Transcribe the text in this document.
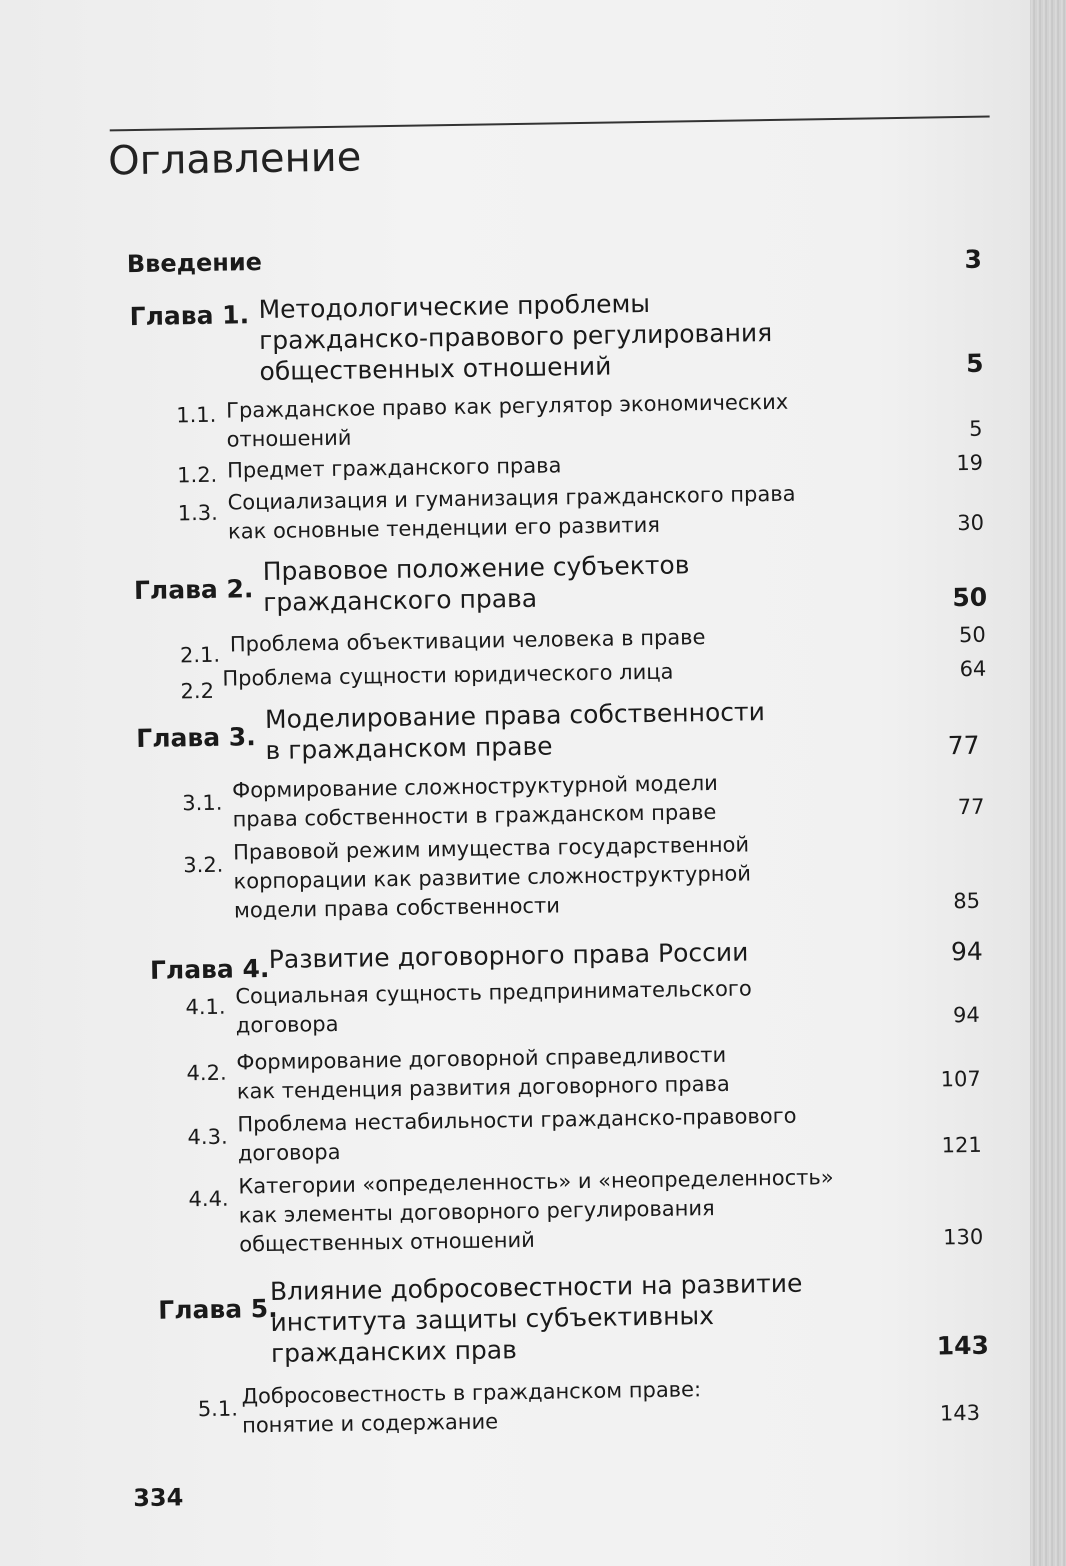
Оглавление
Введение	3
Глава 1. Методологические проблемы
гражданско-правового регулирования
общественных отношений	5
1.1. Гражданское право как регулятор экономических
отношений	5
1.2. Предмет гражданского права	19
1.3. Социализация и гуманизация гражданского права
как основные тенденции его развития	30
Глава 2.
Правовое положение субъектов
гражданского права	50
2.1. Проблема объективации человека в праве	50
2.2
Проблема сущности юридического лица	64
Глава 3.
Моделирование права собственности
в гражданском праве	77
3.1.
Формирование сложноструктурной модели
права собственности в гражданском праве	77
3.2.
Правовой режим имущества государственной
корпорации как развитие сложноструктурной
модели права собственности	85
Глава 4.
Развитие договорного права России	94
4.1. Социальная сущность предпринимательского
договора	94
4.2. Формирование договорной справедливости
как тенденция развития договорного права	107
4.3.
Проблема нестабильности гражданско-правового
договора	121
4.4.
Категории «определенность» и «неопределенность»
как элементы договорного регулирования
общественных отношений	130
Глава 5.
Влияние добросовестности на развитие
института защиты субъективных
гражданских прав	143
5.1.
Добросовестность в гражданском праве:
понятие и содержание	143
334
